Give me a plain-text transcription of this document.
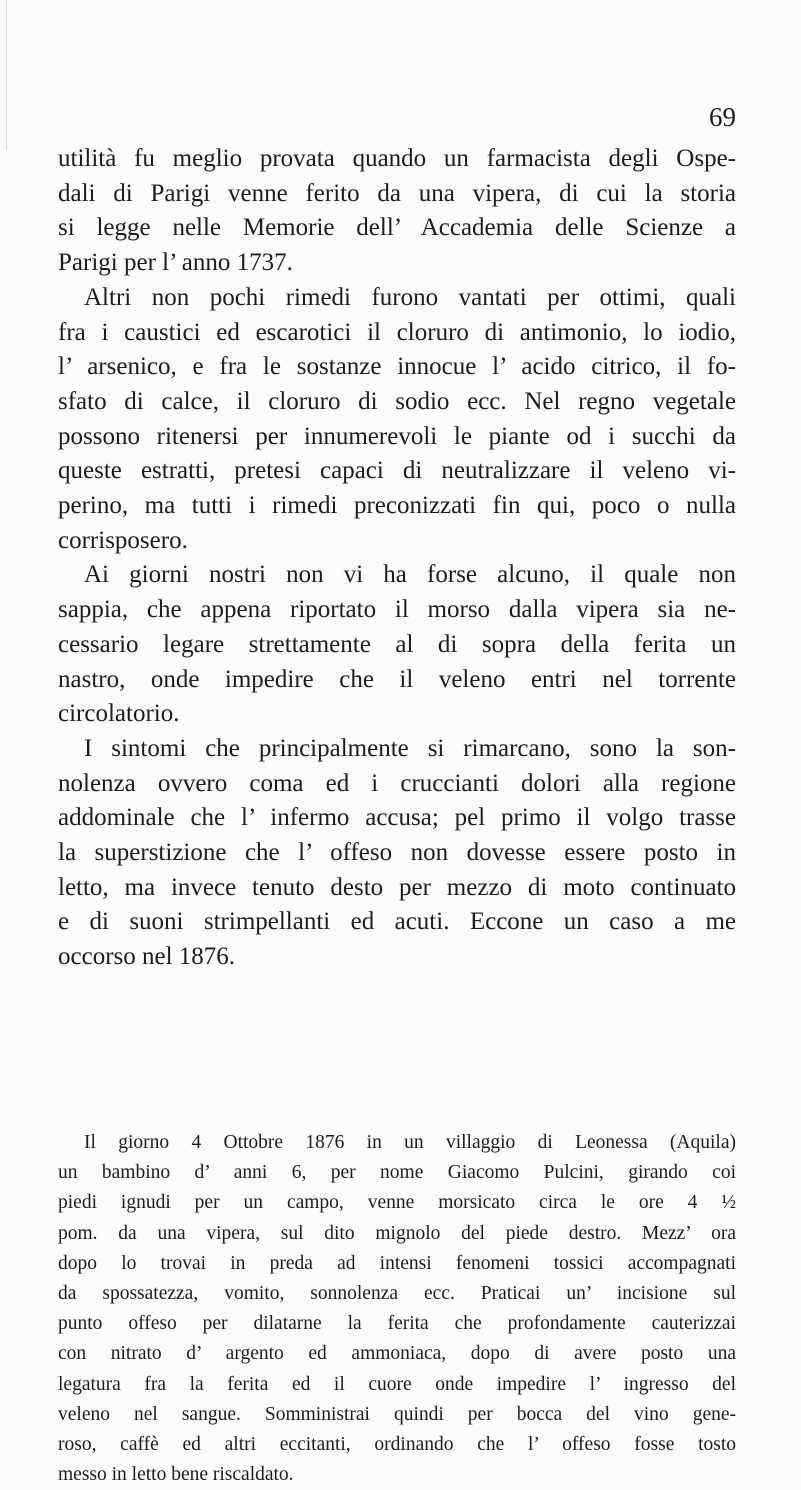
69

utilità fu meglio provata quando un farmacista degli Ospe-
dali di Parigi venne ferito da una vipera, di cui la storia
si legge nelle Memorie dell’ Accademia delle Scienze a
Parigi per l’ anno 1737.

Altri non pochi rimedi furono vantati per ottimi, quali
fra i caustici ed escarotici il cloruro di antimonio, lo iodio,
l’ arsenico, e fra le sostanze innocue l’ acido citrico, il fo-
sfato di calce, il cloruro di sodio ecc. Nel regno vegetale
possono ritenersi per innumerevoli le piante od i succhi da
queste estratti, pretesi capaci di neutralizzare il veleno vi-
perino, ma tutti i rimedi preconizzati fin qui, poco o nulla
corrisposero.

Ai giorni nostri non vi ha forse alcuno, il quale non
sappia, che appena riportato il morso dalla vipera sia ne-
cessario legare strettamente al di sopra della ferita un
nastro, onde impedire che il veleno entri nel torrente
circolatorio.

I sintomi che principalmente si rimarcano, sono la son-
nolenza ovvero coma ed i cruccianti dolori alla regione
addominale che l’ infermo accusa; pel primo il volgo trasse
la superstizione che l’ offeso non dovesse essere posto in
letto, ma invece tenuto desto per mezzo di moto continuato
e di suoni strimpellanti ed acuti. Eccone un caso a me
occorso nel 1876.

Il giorno 4 Ottobre 1876 in un villaggio di Leonessa (Aquila)
un bambino d’ anni 6, per nome Giacomo Pulcini, girando coi
piedi ignudi per un campo, venne morsicato circa le ore 4 ½
pom. da una vipera, sul dito mignolo del piede destro. Mezz’ ora
dopo lo trovai in preda ad intensi fenomeni tossici accompagnati
da spossatezza, vomito, sonnolenza ecc. Praticai un’ incisione sul
punto offeso per dilatarne la ferita che profondamente cauterizzai
con nitrato d’ argento ed ammoniaca, dopo di avere posto una
legatura fra la ferita ed il cuore onde impedire l’ ingresso del
veleno nel sangue. Somministrai quindi per bocca del vino gene-
roso, caffè ed altri eccitanti, ordinando che l’ offeso fosse tosto
messo in letto bene riscaldato.
